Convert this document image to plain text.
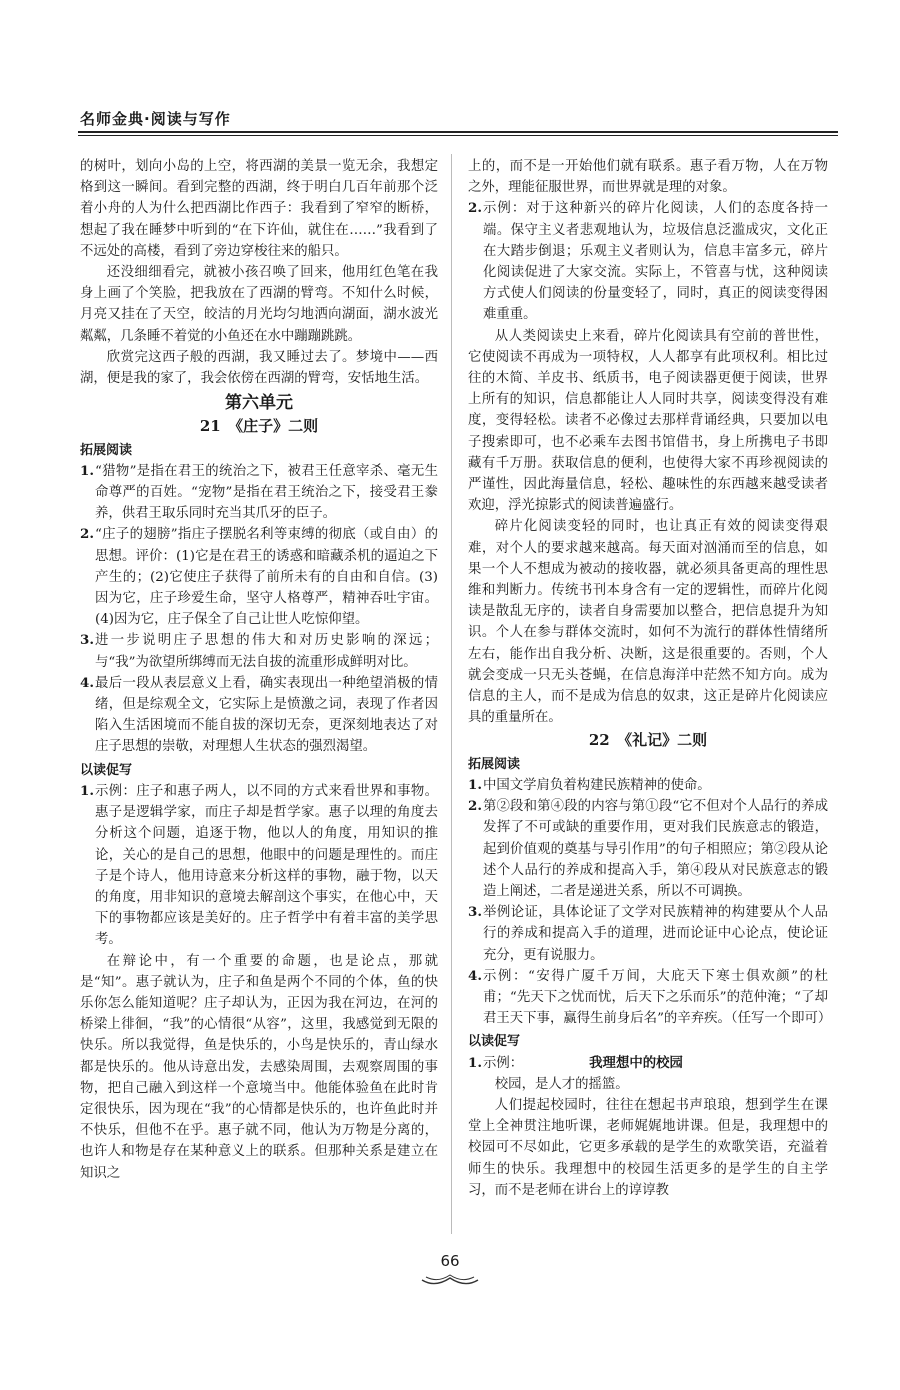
名师金典·阅读与写作

的树叶，划向小岛的上空，将西湖的美景一览无余，我想定格到这一瞬间。看到完整的西湖，终于明白几百年前那个泛着小舟的人为什么把西湖比作西子：我看到了窄窄的断桥，想起了我在睡梦中听到的“在下许仙，就住在……”我看到了不远处的高楼，看到了旁边穿梭往来的船只。

还没细细看完，就被小孩召唤了回来，他用红色笔在我身上画了个笑脸，把我放在了西湖的臂弯。不知什么时候，月亮又挂在了天空，皎洁的月光均匀地洒向湖面，湖水波光粼粼，几条睡不着觉的小鱼还在水中蹦蹦跳跳。

欣赏完这西子般的西湖，我又睡过去了。梦境中——西湖，便是我的家了，我会依傍在西湖的臂弯，安恬地生活。

第六单元
21　《庄子》二则
拓展阅读
1. “猎物”是指在君王的统治之下，被君王任意宰杀、毫无生命尊严的百姓。“宠物”是指在君王统治之下，接受君王豢养，供君王取乐同时充当其爪牙的臣子。
2. “庄子的翅膀”指庄子摆脱名利等束缚的彻底（或自由）的思想。评价：(1)它是在君王的诱惑和暗藏杀机的逼迫之下产生的；(2)它使庄子获得了前所未有的自由和自信。(3)因为它，庄子珍爱生命，坚守人格尊严，精神吞吐宇宙。(4)因为它，庄子保全了自己让世人吃惊仰望。
3. 进一步说明庄子思想的伟大和对历史影响的深远；与“我”为欲望所绑缚而无法自拔的流重形成鲜明对比。
4. 最后一段从表层意义上看，确实表现出一种绝望消极的情绪，但是综观全文，它实际上是愤激之词，表现了作者因陷入生活困境而不能自拔的深切无奈，更深刻地表达了对庄子思想的崇敬，对理想人生状态的强烈渴望。
以读促写
1. 示例：庄子和惠子两人，以不同的方式来看世界和事物。惠子是逻辑学家，而庄子却是哲学家。惠子以理的角度去分析这个问题，追逐于物，他以人的角度，用知识的推论，关心的是自己的思想，他眼中的问题是理性的。而庄子是个诗人，他用诗意来分析这样的事物，融于物，以天的角度，用非知识的意境去解剖这个事实，在他心中，天下的事物都应该是美好的。庄子哲学中有着丰富的美学思考。

在辩论中，有一个重要的命题，也是论点，那就是“知”。惠子就认为，庄子和鱼是两个不同的个体，鱼的快乐你怎么能知道呢？庄子却认为，正因为我在河边，在河的桥梁上徘徊，“我”的心情很“从容”，这里，我感觉到无限的快乐。所以我觉得，鱼是快乐的，小鸟是快乐的，青山绿水都是快乐的。他从诗意出发，去感染周围，去观察周围的事物，把自己融入到这样一个意境当中。他能体验鱼在此时肯定很快乐，因为现在“我”的心情都是快乐的，也许鱼此时并不快乐，但他不在乎。惠子就不同，他认为万物是分离的，也许人和物是存在某种意义上的联系。但那种关系是建立在知识之

上的，而不是一开始他们就有联系。惠子看万物，人在万物之外，理能征服世界，而世界就是理的对象。

2. 示例：对于这种新兴的碎片化阅读，人们的态度各持一端。保守主义者悲观地认为，垃圾信息泛滥成灾，文化正在大踏步倒退；乐观主义者则认为，信息丰富多元，碎片化阅读促进了大家交流。实际上，不管喜与忧，这种阅读方式使人们阅读的份量变轻了，同时，真正的阅读变得困难重重。

从人类阅读史上来看，碎片化阅读具有空前的普世性，它使阅读不再成为一项特权，人人都享有此项权利。相比过往的木简、羊皮书、纸质书，电子阅读器更便于阅读，世界上所有的知识，信息都能让人人同时共享，阅读变得没有难度，变得轻松。读者不必像过去那样背诵经典，只要加以电子搜索即可，也不必乘车去图书馆借书，身上所携电子书即藏有千万册。获取信息的便利，也使得大家不再珍视阅读的严谨性，因此海量信息，轻松、趣味性的东西越来越受读者欢迎，浮光掠影式的阅读普遍盛行。

碎片化阅读变轻的同时，也让真正有效的阅读变得艰难，对个人的要求越来越高。每天面对汹涌而至的信息，如果一个人不想成为被动的接收器，就必须具备更高的理性思维和判断力。传统书刊本身含有一定的逻辑性，而碎片化阅读是散乱无序的，读者自身需要加以整合，把信息提升为知识。个人在参与群体交流时，如何不为流行的群体性情绪所左右，能作出自我分析、决断，这是很重要的。否则，个人就会变成一只无头苍蝇，在信息海洋中茫然不知方向。成为信息的主人，而不是成为信息的奴隶，这正是碎片化阅读应具的重量所在。

22　《礼记》二则
拓展阅读
1. 中国文学肩负着构建民族精神的使命。
2. 第②段和第④段的内容与第①段“它不但对个人品行的养成发挥了不可或缺的重要作用，更对我们民族意志的锻造，起到价值观的奠基与导引作用”的句子相照应；第②段从论述个人品行的养成和提高入手，第④段从对民族意志的锻造上阐述，二者是递进关系，所以不可调换。
3. 举例论证，具体论证了文学对民族精神的构建要从个人品行的养成和提高入手的道理，进而论证中心论点，使论证充分，更有说服力。
4. 示例：“安得广厦千万间，大庇天下寒士俱欢颜”的杜甫；“先天下之忧而忧，后天下之乐而乐”的范仲淹；“了却君王天下事，赢得生前身后名”的辛弃疾。（任写一个即可）
以读促写
1. 示例：	我理想中的校园

校园，是人才的摇篮。

人们提起校园时，往往在想起书声琅琅，想到学生在课堂上全神贯注地听课，老师娓娓地讲课。但是，我理想中的校园可不尽如此，它更多承载的是学生的欢歌笑语，充溢着师生的快乐。我理想中的校园生活更多的是学生的自主学习，而不是老师在讲台上的谆谆教

66
